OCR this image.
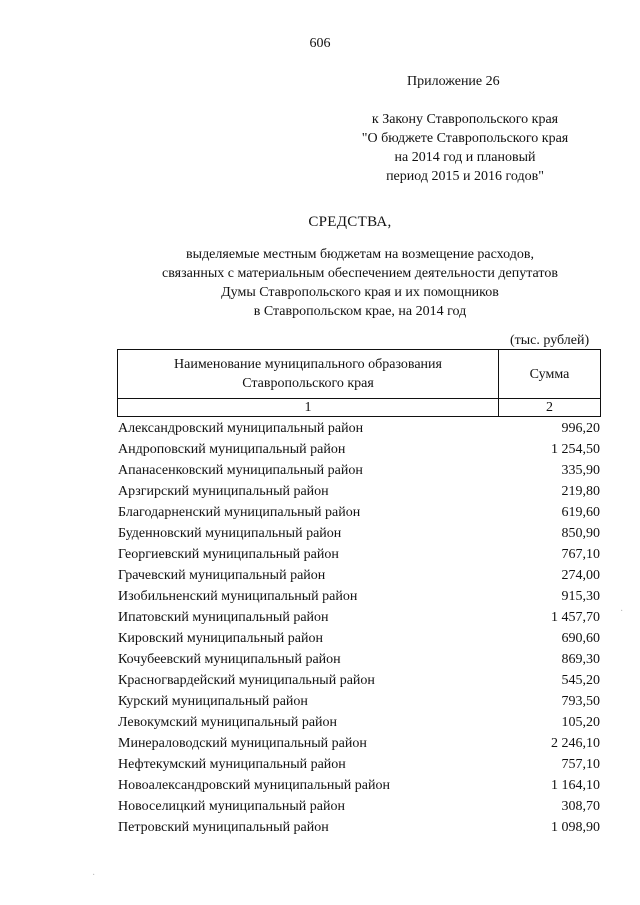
606
Приложение 26
к Закону Ставропольского края
"О бюджете Ставропольского края
на 2014 год и плановый
период 2015 и 2016 годов"
СРЕДСТВА,
выделяемые местным бюджетам на возмещение расходов,
связанных с материальным обеспечением деятельности депутатов
Думы Ставропольского края и их помощников
в Ставропольском крае, на 2014 год
(тыс. рублей)
Наименование муниципального образования
Ставропольского края	Сумма
1	2
Александровский муниципальный район	996,20
Андроповский муниципальный район	1 254,50
Апанасенковский муниципальный район	335,90
Арзгирский муниципальный район	219,80
Благодарненский муниципальный район	619,60
Буденновский муниципальный район	850,90
Георгиевский муниципальный район	767,10
Грачевский муниципальный район	274,00
Изобильненский муниципальный район	915,30
Ипатовский муниципальный район	1 457,70
Кировский муниципальный район	690,60
Кочубеевский муниципальный район	869,30
Красногвардейский муниципальный район	545,20
Курский муниципальный район	793,50
Левокумский муниципальный район	105,20
Минераловодский муниципальный район	2 246,10
Нефтекумский муниципальный район	757,10
Новоалександровский муниципальный район	1 164,10
Новоселицкий муниципальный район	308,70
Петровский муниципальный район	1 098,90
·
·
